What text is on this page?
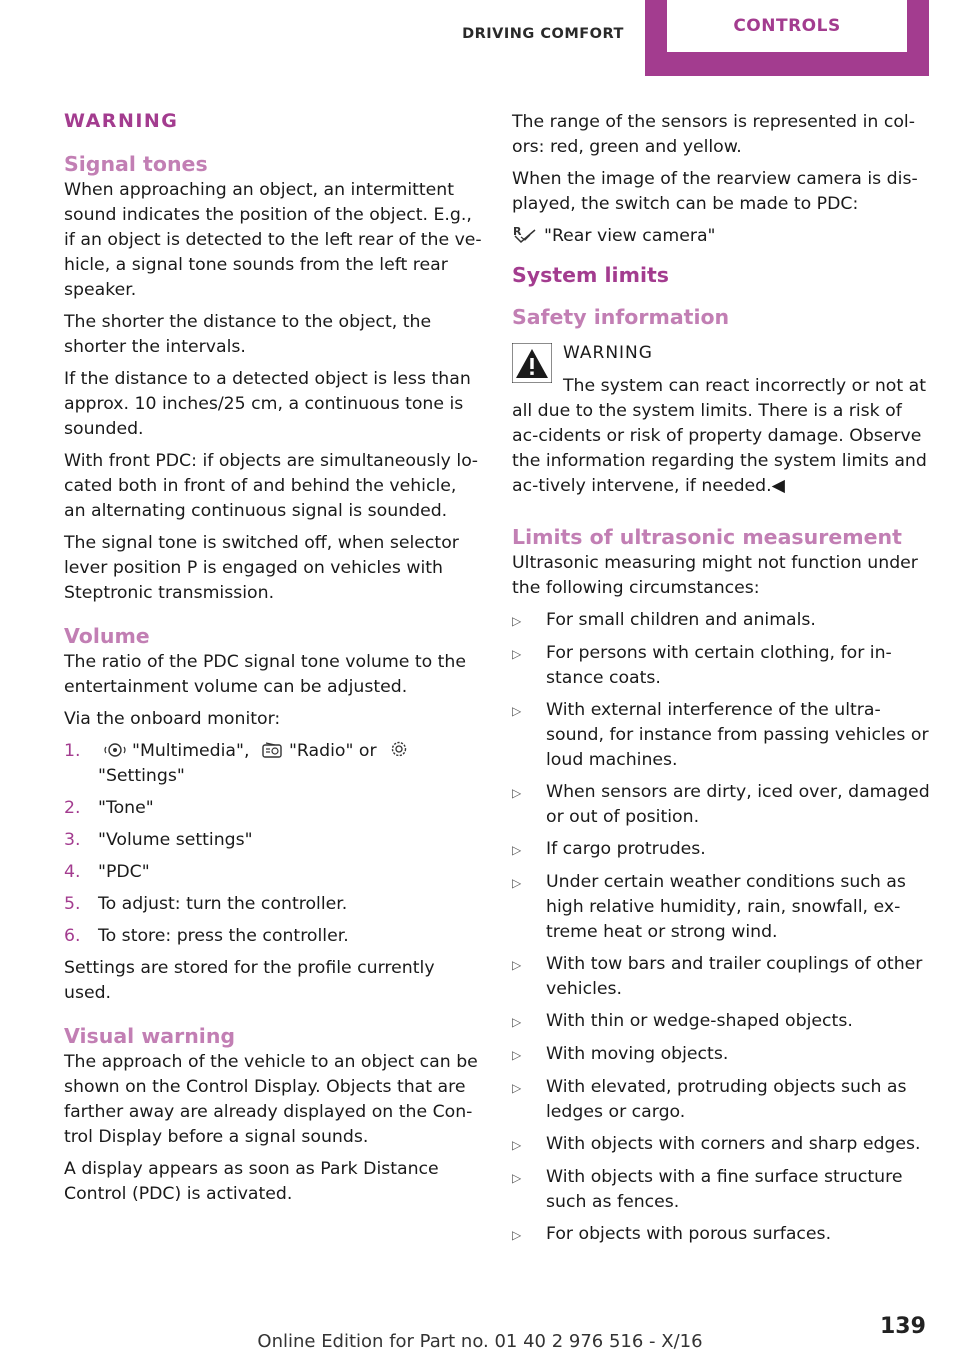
DRIVING COMFORT	CONTROLS
WARNING
Signal tones

When approaching an object, an intermittent sound indicates the position of the object. E.g., if an object is detected to the left rear of the ve‐hicle, a signal tone sounds from the left rear speaker.

The shorter the distance to the object, the shorter the intervals.

If the distance to a detected object is less than approx. 10 inches/25 cm, a continuous tone is sounded.

With front PDC: if objects are simultaneously lo‐cated both in front of and behind the vehicle, an alternating continuous signal is sounded.

The signal tone is switched off, when selector lever position P is engaged on vehicles with Steptronic transmission.

Volume

The ratio of the PDC signal tone volume to the entertainment volume can be adjusted.

Via the onboard monitor:

1.	"Multimedia", "Radio" or
"Settings"
2.	"Tone"
3.	"Volume settings"
4.	"PDC"
5.	To adjust: turn the controller.
6.	To store: press the controller.

Settings are stored for the profile currently used.

Visual warning

The approach of the vehicle to an object can be shown on the Control Display. Objects that are farther away are already displayed on the Con‐trol Display before a signal sounds.

A display appears as soon as Park Distance Control (PDC) is activated.

The range of the sensors is represented in col‐ors: red, green and yellow.

When the image of the rearview camera is dis‐played, the switch can be made to PDC:

R "Rear view camera"
System limits
Safety information
WARNING
The system can react incorrectly or not at all due to the system limits. There is a risk of ac‐cidents or risk of property damage. Observe the information regarding the system limits and ac‐tively intervene, if needed.◀
Limits of ultrasonic measurement

Ultrasonic measuring might not function under the following circumstances:

▷	For small children and animals.
▷	For persons with certain clothing, for in‐stance coats.
▷	With external interference of the ultra‐sound, for instance from passing vehicles or loud machines.
▷	When sensors are dirty, iced over, damaged or out of position.
▷	If cargo protrudes.
▷	Under certain weather conditions such as high relative humidity, rain, snowfall, ex‐treme heat or strong wind.
▷	With tow bars and trailer couplings of other vehicles.
▷	With thin or wedge-shaped objects.
▷	With moving objects.
▷	With elevated, protruding objects such as ledges or cargo.
▷	With objects with corners and sharp edges.
▷	With objects with a fine surface structure such as fences.
▷	For objects with porous surfaces.
139
Online Edition for Part no. 01 40 2 976 516 - X/16
